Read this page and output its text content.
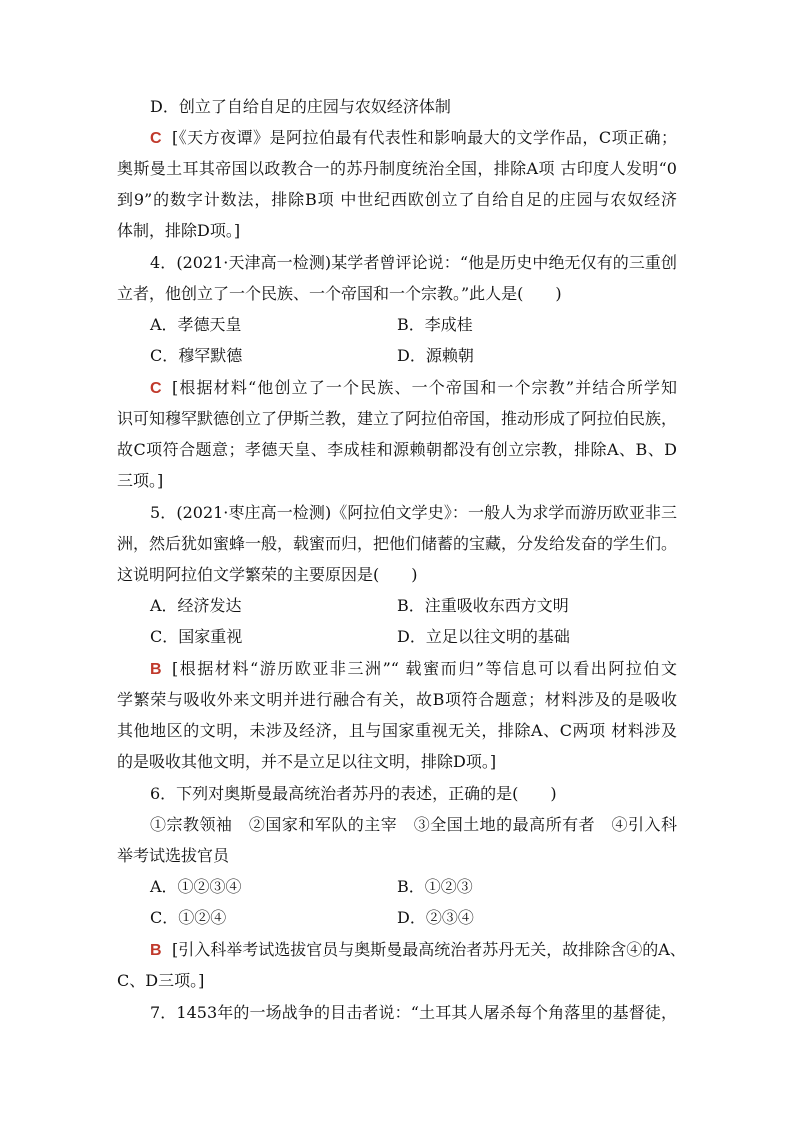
D．创立了自给自足的庄园与农奴经济体制
C [《天方夜谭》是阿拉伯最有代表性和影响最大的文学作品，C项正确；
奥斯曼土耳其帝国以政教合一的苏丹制度统治全国，排除A项 古印度人发明“0
到9”的数字计数法，排除B项 中世纪西欧创立了自给自足的庄园与农奴经济
体制，排除D项。]
4．(2021·天津高一检测)某学者曾评论说：“他是历史中绝无仅有的三重创
立者，他创立了一个民族、一个帝国和一个宗教。”此人是(　　)
A．孝德天皇	B．李成桂
C．穆罕默德	D．源赖朝
C [根据材料“他创立了一个民族、一个帝国和一个宗教”并结合所学知
识可知穆罕默德创立了伊斯兰教，建立了阿拉伯帝国，推动形成了阿拉伯民族，
故C项符合题意；孝德天皇、李成桂和源赖朝都没有创立宗教，排除A、B、D
三项。]
5．(2021·枣庄高一检测)《阿拉伯文学史》：一般人为求学而游历欧亚非三
洲，然后犹如蜜蜂一般，载蜜而归，把他们储蓄的宝藏，分发给发奋的学生们。
这说明阿拉伯文学繁荣的主要原因是(　　)
A．经济发达	B．注重吸收东西方文明
C．国家重视	D．立足以往文明的基础
B [根据材料“游历欧亚非三洲”“ 载蜜而归”等信息可以看出阿拉伯文
学繁荣与吸收外来文明并进行融合有关，故B项符合题意；材料涉及的是吸收
其他地区的文明，未涉及经济，且与国家重视无关，排除A、C两项 材料涉及
的是吸收其他文明，并不是立足以往文明，排除D项。]
6．下列对奥斯曼最高统治者苏丹的表述，正确的是(　　)
①宗教领袖　②国家和军队的主宰　③全国土地的最高所有者　④引入科
举考试选拔官员
A．①②③④	B．①②③
C．①②④	D．②③④
B [引入科举考试选拔官员与奥斯曼最高统治者苏丹无关，故排除含④的A、
C、D三项。]
7．1453年的一场战争的目击者说：“土耳其人屠杀每个角落里的基督徒，
